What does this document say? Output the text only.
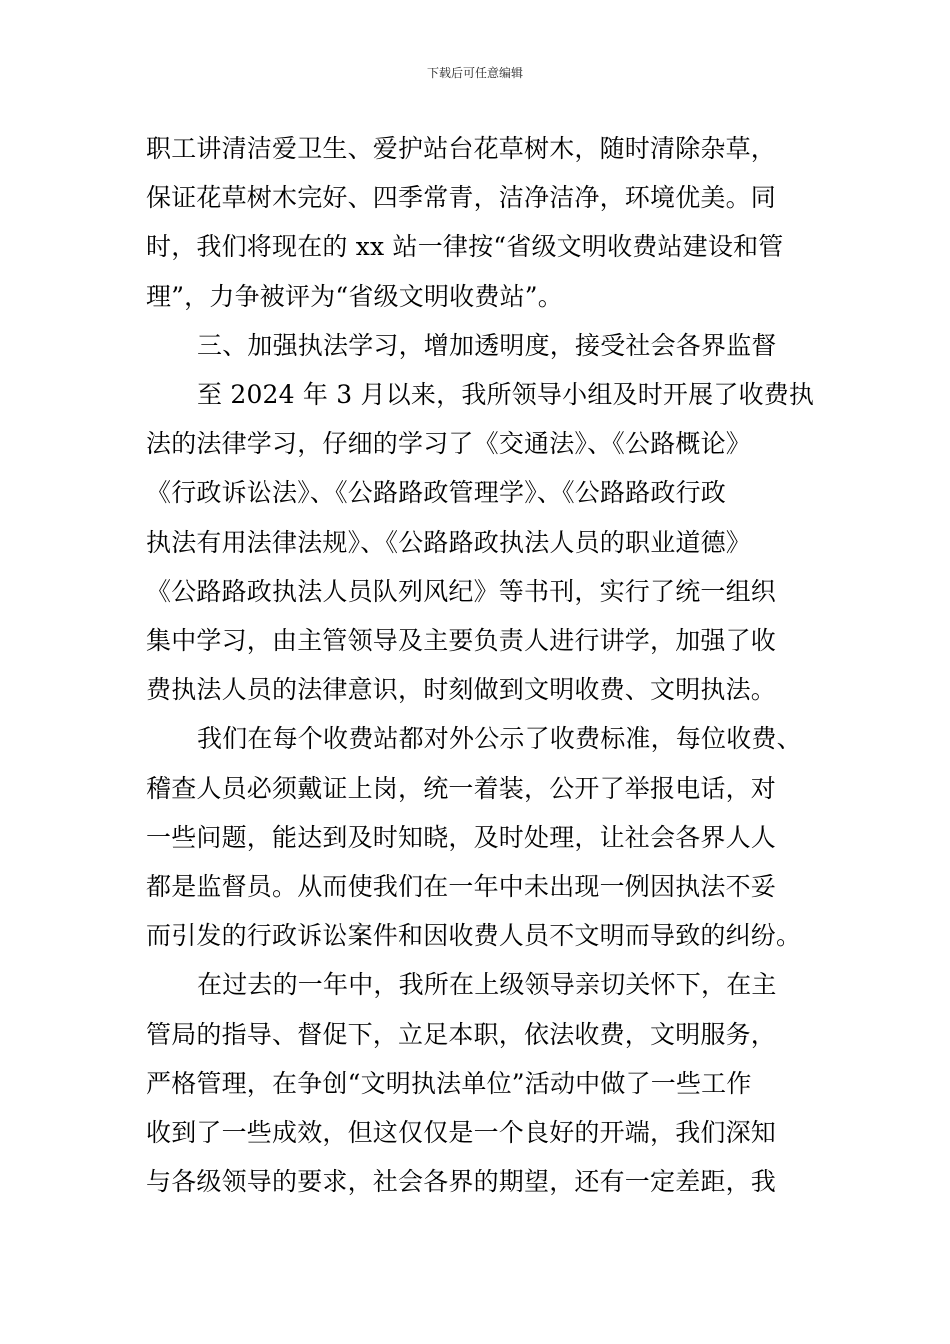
下载后可任意编辑
职工讲清洁爱卫生、爱护站台花草树木，随时清除杂草，
保证花草树木完好、四季常青，洁净洁净，环境优美。同
时，我们将现在的 xx 站一律按“省级文明收费站建设和管
理”，力争被评为“省级文明收费站”。
三、加强执法学习，增加透明度，接受社会各界监督
至 2024 年 3 月以来，我所领导小组及时开展了收费执
法的法律学习，仔细的学习了《交通法》、《公路概论》
《行政诉讼法》、《公路路政管理学》、《公路路政行政
执法有用法律法规》、《公路路政执法人员的职业道德》
《公路路政执法人员队列风纪》等书刊，实行了统一组织
集中学习，由主管领导及主要负责人进行讲学，加强了收
费执法人员的法律意识，时刻做到文明收费、文明执法。
我们在每个收费站都对外公示了收费标准，每位收费、
稽查人员必须戴证上岗，统一着装，公开了举报电话，对
一些问题，能达到及时知晓，及时处理，让社会各界人人
都是监督员。从而使我们在一年中未出现一例因执法不妥
而引发的行政诉讼案件和因收费人员不文明而导致的纠纷。
在过去的一年中，我所在上级领导亲切关怀下，在主
管局的指导、督促下，立足本职，依法收费，文明服务，
严格管理，在争创“文明执法单位”活动中做了一些工作
收到了一些成效，但这仅仅是一个良好的开端，我们深知
与各级领导的要求，社会各界的期望，还有一定差距，我
